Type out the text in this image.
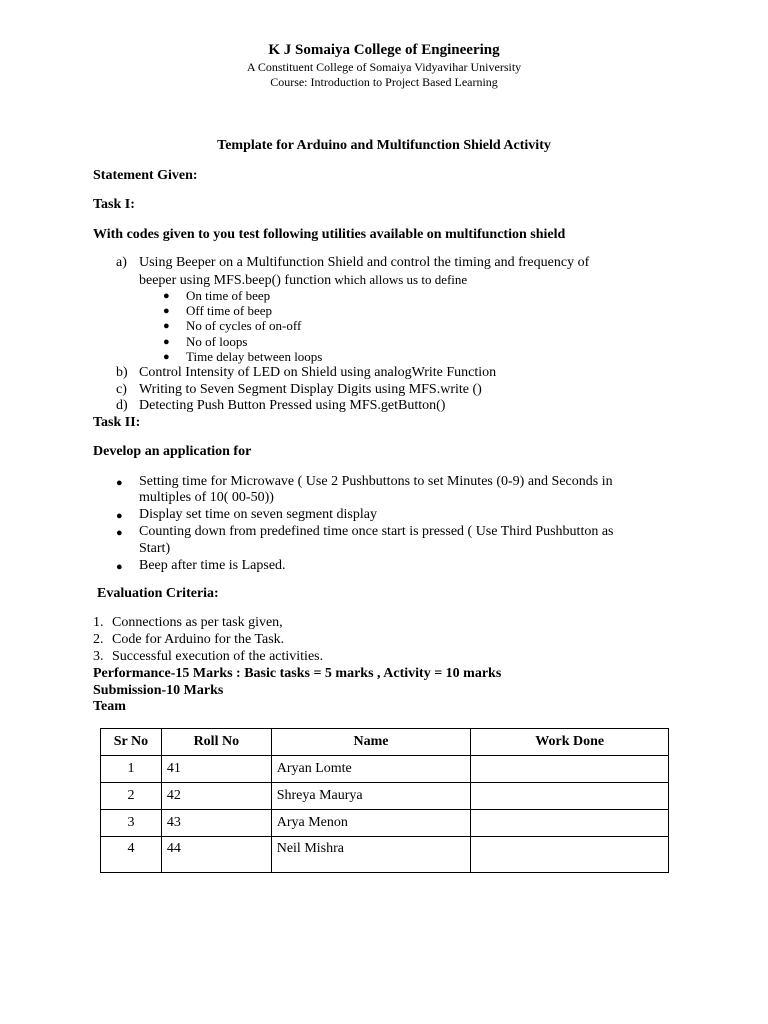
K J Somaiya College of Engineering
A Constituent College of Somaiya Vidyavihar University
Course: Introduction to Project Based Learning
Template for Arduino and Multifunction Shield Activity
Statement Given:
Task I:
With codes given to you test following utilities available on multifunction shield
a) Using Beeper on a Multifunction Shield and control the timing and frequency of
beeper using MFS.beep() function which allows us to define
● On time of beep
● Off time of beep
● No of cycles of on-off
● No of loops
● Time delay between loops
b) Control Intensity of LED on Shield using analogWrite Function
c) Writing to Seven Segment Display Digits using MFS.write ()
d) Detecting Push Button Pressed using MFS.getButton()
Task II:
Develop an application for
● Setting time for Microwave ( Use 2 Pushbuttons to set Minutes (0-9) and Seconds in
multiples of 10( 00-50))
● Display set time on seven segment display
● Counting down from predefined time once start is pressed ( Use Third Pushbutton as
Start)
● Beep after time is Lapsed.
Evaluation Criteria:
1. Connections as per task given,
2. Code for Arduino for the Task.
3. Successful execution of the activities.
Performance-15 Marks : Basic tasks = 5 marks , Activity = 10 marks
Submission-10 Marks
Team
Sr No	Roll No	Name	Work Done
1	41	Aryan Lomte	
2	42	Shreya Maurya	
3	43	Arya Menon	
4	44	Neil Mishra	
